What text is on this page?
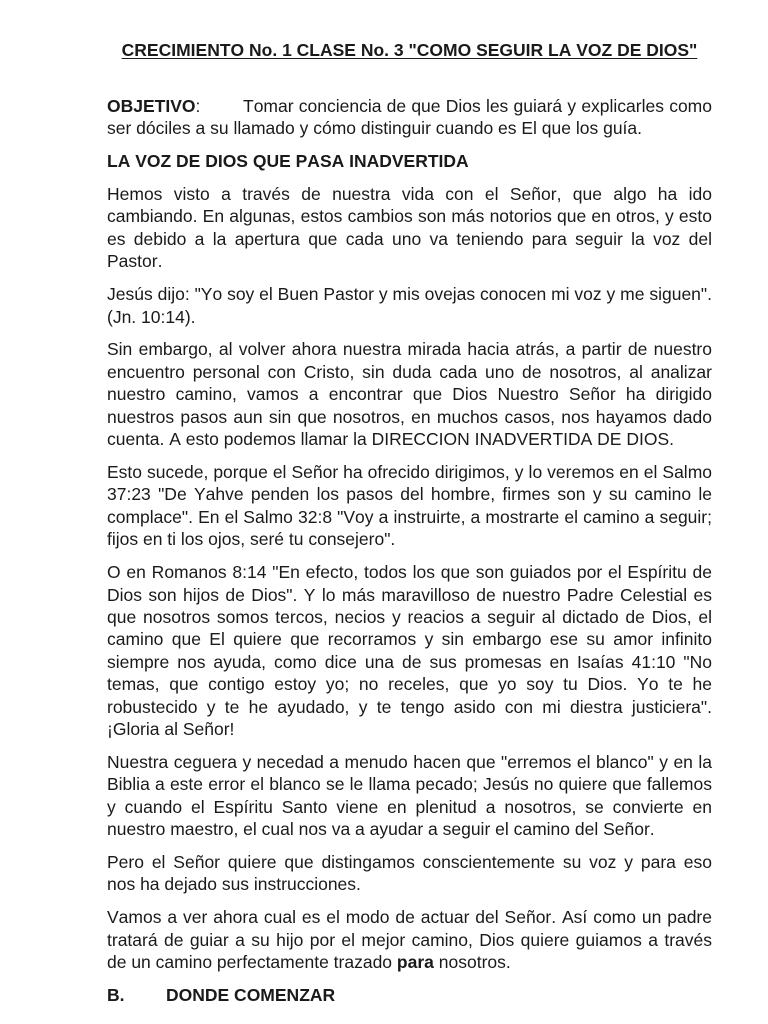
CRECIMIENTO No. 1 CLASE No. 3 "COMO SEGUIR LA VOZ DE DIOS"

OBJETIVO: Tomar conciencia de que Dios les guiará y explicarles como ser dóciles a su llamado y cómo distinguir cuando es El que los guía.

LA VOZ DE DIOS QUE PASA INADVERTIDA

Hemos visto a través de nuestra vida con el Señor, que algo ha ido cambiando. En algunas, estos cambios son más notorios que en otros, y esto es debido a la apertura que cada uno va teniendo para seguir la voz del Pastor.

Jesús dijo: "Yo soy el Buen Pastor y mis ovejas conocen mi voz y me siguen". (Jn. 10:14).

Sin embargo, al volver ahora nuestra mirada hacia atrás, a partir de nuestro encuentro personal con Cristo, sin duda cada uno de nosotros, al analizar nuestro camino, vamos a encontrar que Dios Nuestro Señor ha dirigido nuestros pasos aun sin que nosotros, en muchos casos, nos hayamos dado cuenta. A esto podemos llamar la DIRECCION INADVERTIDA DE DIOS.

Esto sucede, porque el Señor ha ofrecido dirigimos, y lo veremos en el Salmo 37:23 "De Yahve penden los pasos del hombre, firmes son y su camino le complace". En el Salmo 32:8 "Voy a instruirte, a mostrarte el camino a seguir; fijos en ti los ojos, seré tu consejero".

O en Romanos 8:14 "En efecto, todos los que son guiados por el Espíritu de Dios son hijos de Dios". Y lo más maravilloso de nuestro Padre Celestial es que nosotros somos tercos, necios y reacios a seguir al dictado de Dios, el camino que El quiere que recorramos y sin embargo ese su amor infinito siempre nos ayuda, como dice una de sus promesas en Isaías 41:10 "No temas, que contigo estoy yo; no receles, que yo soy tu Dios. Yo te he robustecido y te he ayudado, y te tengo asido con mi diestra justiciera". ¡Gloria al Señor!

Nuestra ceguera y necedad a menudo hacen que "erremos el blanco" y en la Biblia a este error el blanco se le llama pecado; Jesús no quiere que fallemos y cuando el Espíritu Santo viene en plenitud a nosotros, se convierte en nuestro maestro, el cual nos va a ayudar a seguir el camino del Señor.

Pero el Señor quiere que distingamos conscientemente su voz y para eso nos ha dejado sus instrucciones.

Vamos a ver ahora cual es el modo de actuar del Señor. Así como un padre tratará de guiar a su hijo por el mejor camino, Dios quiere guiamos a través de un camino perfectamente trazado para nosotros.

B. DONDE COMENZAR
